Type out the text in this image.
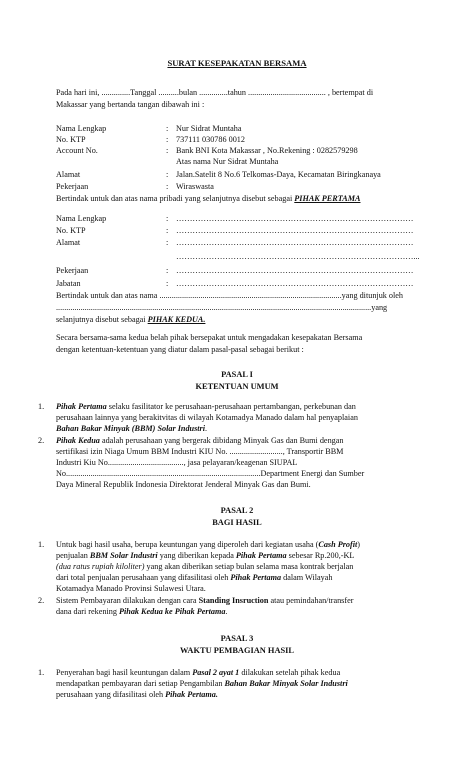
SURAT KESEPAKATAN BERSAMA
Pada hari ini, ..............Tanggal ..........bulan ..............tahun ...................................... , bertempat di
Makassar yang bertanda tangan dibawah ini :
Nama Lengkap	: Nur Sidrat Muntaha
No. KTP	: 737111 030786 0012
Account No.	: Bank BNI Kota Makassar , No.Rekening : 0282579298
Atas nama Nur Sidrat Muntaha
Alamat	: Jalan.Satelit 8 No.6 Telkomas-Daya, Kecamatan Biringkanaya
Pekerjaan	: Wiraswasta
Bertindak untuk dan atas nama pribadi yang selanjutnya disebut sebagai PIHAK PERTAMA
Nama Lengkap	: ……………………………………………………………………………
No. KTP	: ……………………………………………………………………………
Alamat	: ……………………………………………………………………………
……………………………………………………………………………...
Pekerjaan	: ……………………………………………………………………………
Jabatan	: ……………………………………………………………………………
Bertindak untuk dan atas nama .........................................................................................yang ditunjuk oleh
..........................................................................................................................................................yang
selanjutnya disebut sebagai PIHAK KEDUA.
Secara bersama-sama kedua belah pihak bersepakat untuk mengadakan kesepakatan Bersama
dengan ketentuan-ketentuan yang diatur dalam pasal-pasal sebagai berikut :
PASAL I
KETENTUAN UMUM
1. Pihak Pertama selaku fasilitator ke perusahaan-perusahaan pertambangan, perkebunan dan
perusahaan lainnya yang berakitvitas di wilayah Kotamadya Manado dalam hal penyaplaian
Bahan Bakar Minyak (BBM) Solar Industri.
2. Pihak Kedua adalah perusahaan yang bergerak dibidang Minyak Gas dan Bumi dengan
sertifikasi izin Niaga Umum BBM Industri KIU No. .........................., Transportir BBM
Industri Kiu No....................................., jasa pelayaran/keagenan SIUPAL
No...............................................................................................Department Energi dan Sumber
Daya Mineral Republik Indonesia Direktorat Jenderal Minyak Gas dan Bumi.
PASAL 2
BAGI HASIL
1. Untuk bagi hasil usaha, berupa keuntungan yang diperoleh dari kegiatan usaha (Cash Profit)
penjualan BBM Solar Industri yang diberikan kepada Pihak Pertama sebesar Rp.200,-KL
(dua ratus rupiah kiloliter) yang akan diberikan setiap bulan selama masa kontrak berjalan
dari total penjualan perusahaan yang difasilitasi oleh Pihak Pertama dalam Wilayah
Kotamadya Manado Provinsi Sulawesi Utara.
2. Sistem Pembayaran dilakukan dengan cara Standing Insruction atau pemindahan/transfer
dana dari rekening Pihak Kedua ke Pihak Pertama.
PASAL 3
WAKTU PEMBAGIAN HASIL
1. Penyerahan bagi hasil keuntungan dalam Pasal 2 ayat 1 dilakukan setelah pihak kedua
mendapatkan pembayaran dari setiap Pengambilan Bahan Bakar Minyak Solar Industri
perusahaan yang difasilitasi oleh Pihak Pertama.
